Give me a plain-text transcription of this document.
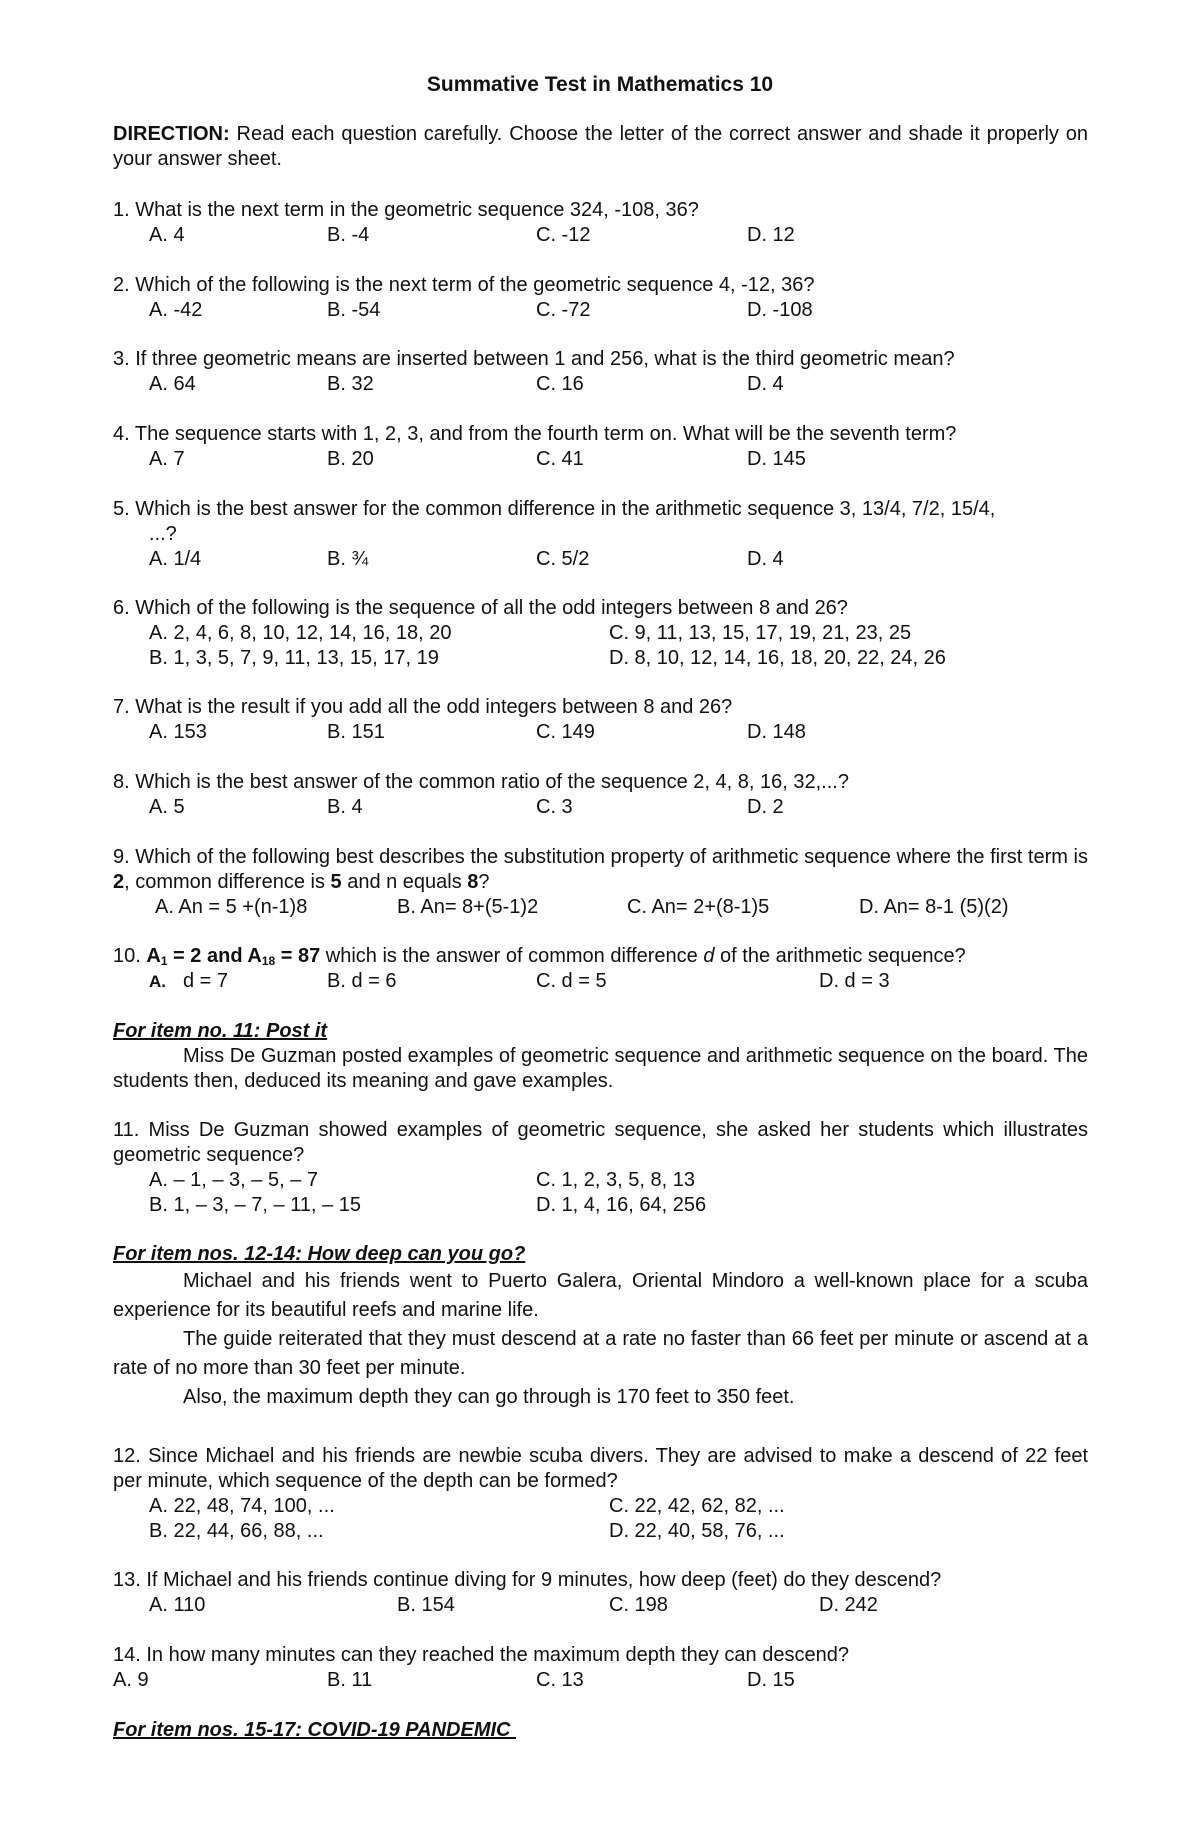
Summative Test in Mathematics 10
DIRECTION: Read each question carefully. Choose the letter of the correct answer and shade it properly on your answer sheet.
1. What is the next term in the geometric sequence 324, -108, 36?
A. 4	B. -4	C. -12	D. 12
2. Which of the following is the next term of the geometric sequence 4, -12, 36?
A. -42	B. -54	C. -72	D. -108
3. If three geometric means are inserted between 1 and 256, what is the third geometric mean?
A. 64	B. 32	C. 16	D. 4
4. The sequence starts with 1, 2, 3, and from the fourth term on. What will be the seventh term?
A. 7	B. 20	C. 41	D. 145
5. Which is the best answer for the common difference in the arithmetic sequence 3, 13/4, 7/2, 15/4,
...?
A. 1/4	B. ¾	C. 5/2	D. 4
6. Which of the following is the sequence of all the odd integers between 8 and 26?
A. 2, 4, 6, 8, 10, 12, 14, 16, 18, 20	C. 9, 11, 13, 15, 17, 19, 21, 23, 25
B. 1, 3, 5, 7, 9, 11, 13, 15, 17, 19	D. 8, 10, 12, 14, 16, 18, 20, 22, 24, 26
7. What is the result if you add all the odd integers between 8 and 26?
A. 153	B. 151	C. 149	D. 148
8. Which is the best answer of the common ratio of the sequence 2, 4, 8, 16, 32,...?
A. 5	B. 4	C. 3	D. 2
9. Which of the following best describes the substitution property of arithmetic sequence where the first term is 2, common difference is 5 and n equals 8?
A. An = 5 +(n-1)8	B. An= 8+(5-1)2	C. An= 2+(8-1)5	D. An= 8-1 (5)(2)
10. $A_1 = 2$ and $A_{18} = 87$ which is the answer of common difference d of the arithmetic sequence?
A. d = 7	B. d = 6	C. d = 5	D. d = 3
For item no. 11: Post it
Miss De Guzman posted examples of geometric sequence and arithmetic sequence on the board. The students then, deduced its meaning and gave examples.
11. Miss De Guzman showed examples of geometric sequence, she asked her students which illustrates geometric sequence?
A. – 1, – 3, – 5, – 7	C. 1, 2, 3, 5, 8, 13
B. 1, – 3, – 7, – 11, – 15	D. 1, 4, 16, 64, 256
For item nos. 12-14: How deep can you go?
Michael and his friends went to Puerto Galera, Oriental Mindoro a well-known place for a scuba experience for its beautiful reefs and marine life.
The guide reiterated that they must descend at a rate no faster than 66 feet per minute or ascend at a rate of no more than 30 feet per minute.
Also, the maximum depth they can go through is 170 feet to 350 feet.
12. Since Michael and his friends are newbie scuba divers. They are advised to make a descend of 22 feet per minute, which sequence of the depth can be formed?
A. 22, 48, 74, 100, ...	C. 22, 42, 62, 82, ...
B. 22, 44, 66, 88, ...	D. 22, 40, 58, 76, ...
13. If Michael and his friends continue diving for 9 minutes, how deep (feet) do they descend?
A. 110	B. 154	C. 198	D. 242
14. In how many minutes can they reached the maximum depth they can descend?
A. 9	B. 11	C. 13	D. 15
For item nos. 15-17: COVID-19 PANDEMIC
